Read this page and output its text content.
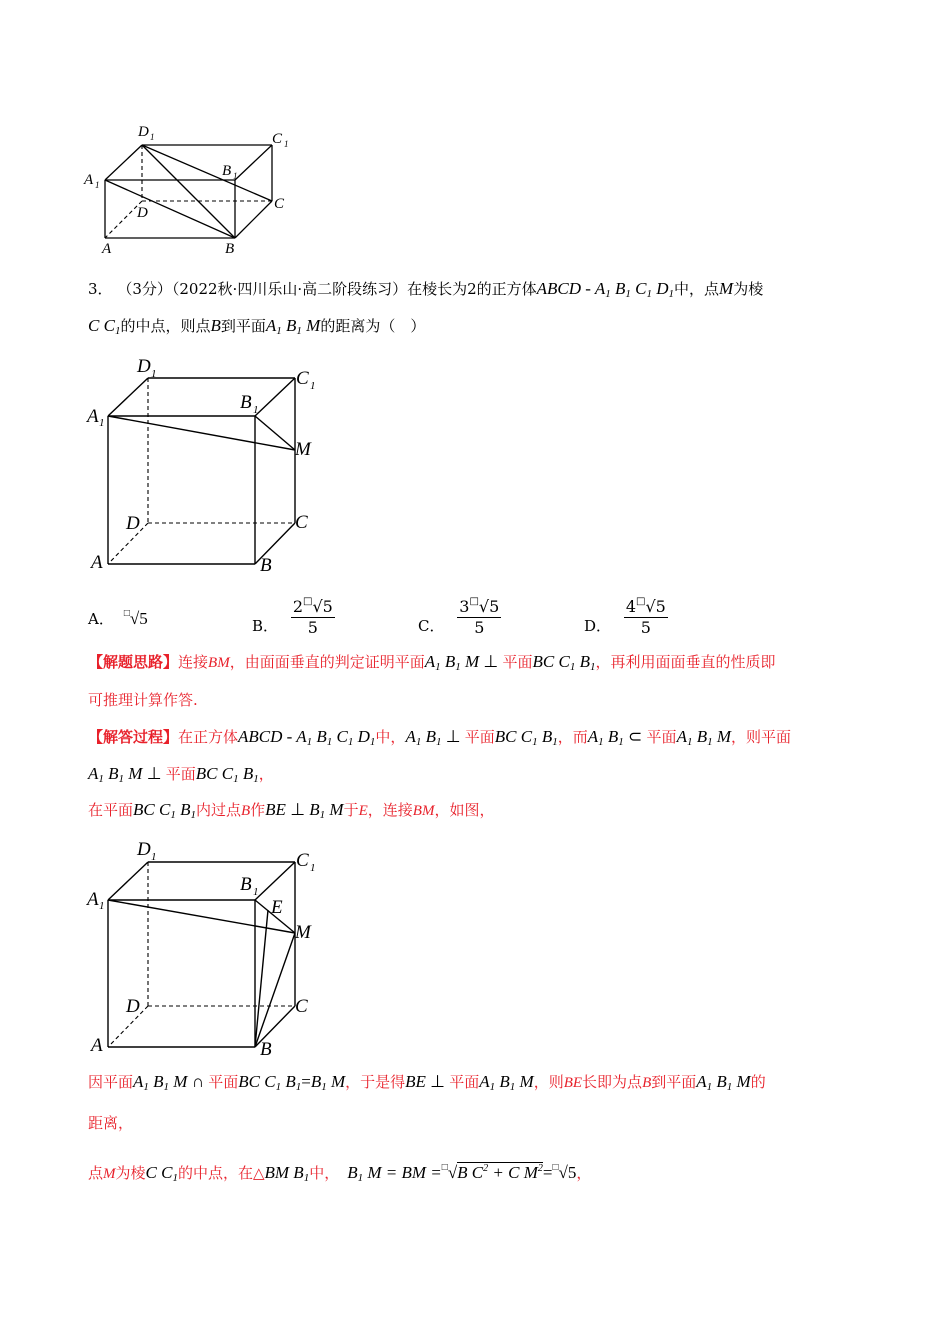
D 1	C 1
A 1
B 1
D
C
A	B
3． （3分）（2022秋·四川乐山·高二阶段练习）在棱长为2的正方体ABCD - $A_1$ $B_1$ $C_1$ $D_1$中，点M为棱
C $C_1$的中点，则点B到平面$A_1$ $B_1$ M的距离为（　）
D 1	C 1
A 1
B 1
M
D	C
A	B
A． □√5	B． $\frac{2^□√5}{5}$	C． $\frac{3^□√5}{5}$	D． $\frac{4^□√5}{5}$
【解题思路】连接BM，由面面垂直的判定证明平面$A_1$ $B_1$ M ⊥ 平面BC $C_1$ $B_1$，再利用面面垂直的性质即
可推理计算作答.
【解答过程】在正方体ABCD - $A_1$ $B_1$ $C_1$ $D_1$中，$A_1$ $B_1$ ⊥ 平面BC $C_1$ $B_1$，而$A_1$ $B_1$ ⊂ 平面$A_1$ $B_1$ M，则平面
$A_1$ $B_1$ M ⊥ 平面BC $C_1$ $B_1$，
在平面BC $C_1$ $B_1$内过点B作BE ⊥ $B_1$ M于E，连接BM，如图，
D 1	C 1
A 1
B 1
E
M
D	C
A	B
因平面$A_1$ $B_1$ M ∩ 平面BC $C_1$ $B_1=B_1$ M，于是得BE ⊥ 平面$A_1$ $B_1$ M，则BE长即为点B到平面$A_1$ $B_1$ M的
距离，
点M为棱C $C_1$的中点，在△BM $B_1$中， $B_1$ M = BM =□√B $C^2 + C$ $M^2=^□√5$，
